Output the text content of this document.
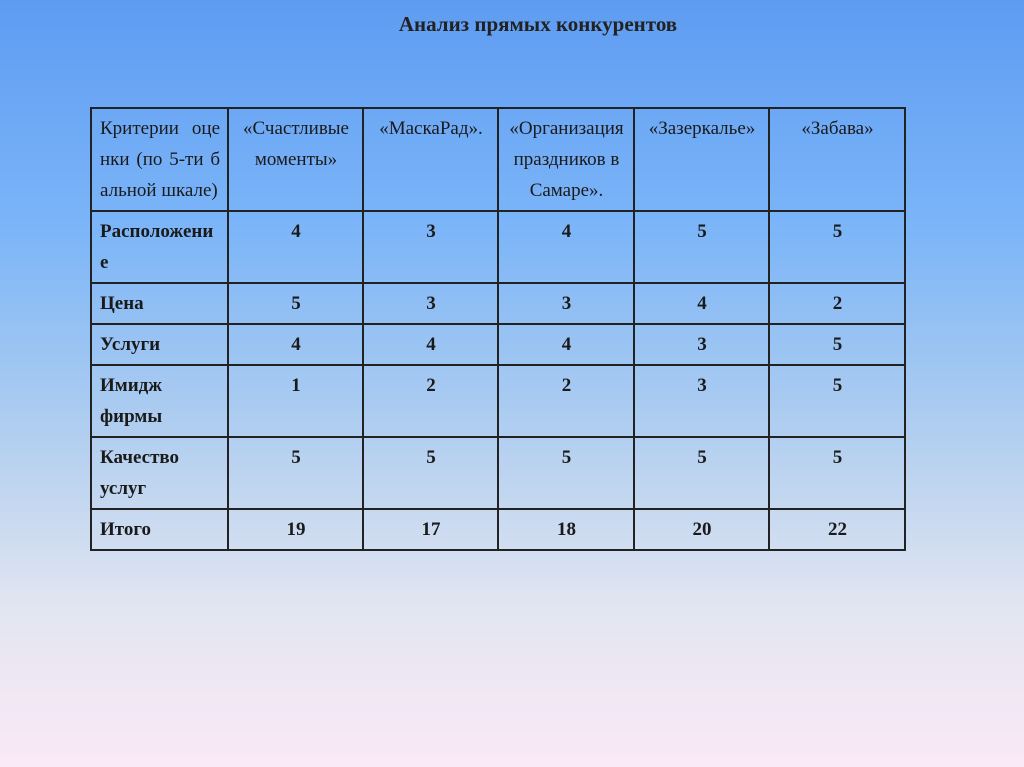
Анализ прямых конкурентов
Критерии оценки (по 5-ти бальной шкале)	«Счастливые моменты»	«МаскаРад».	«Организация праздников в Самаре».	«Зазеркалье»	«Забава»

Расположение	4	3	4	5	5
Цена	5	3	3	4	2
Услуги	4	4	4	3	5
Имидж фирмы	1	2	2	3	5
Качество услуг	5	5	5	5	5
Итого	19	17	18	20	22
